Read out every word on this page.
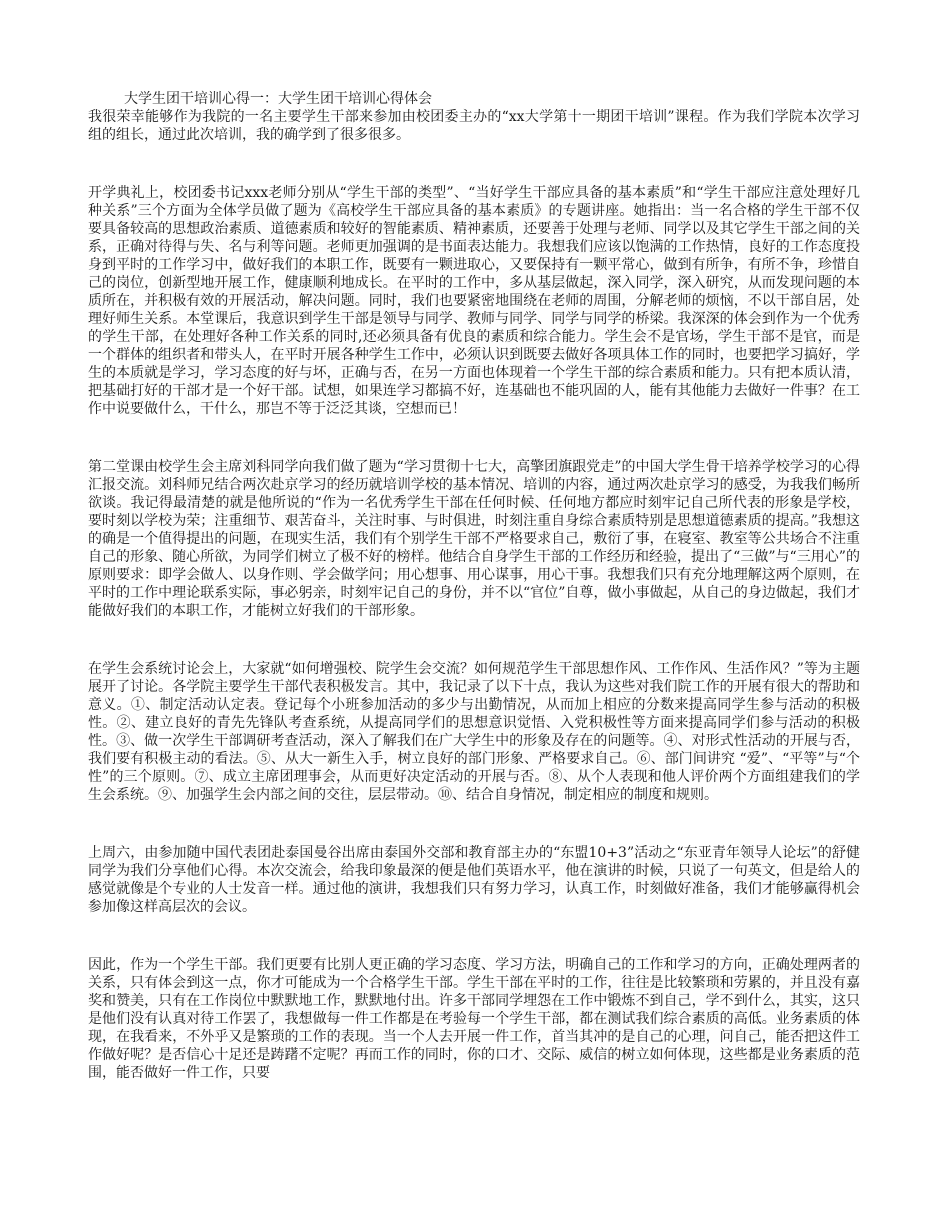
大学生团干培训心得一：大学生团干培训心得体会

我很荣幸能够作为我院的一名主要学生干部来参加由校团委主办的“xx大学第十一期团干培训”课程。作为我们学院本次学习组的组长，通过此次培训，我的确学到了很多很多。

开学典礼上，校团委书记xxx老师分别从“学生干部的类型”、“当好学生干部应具备的基本素质”和“学生干部应注意处理好几种关系”三个方面为全体学员做了题为《高校学生干部应具备的基本素质》的专题讲座。她指出：当一名合格的学生干部不仅要具备较高的思想政治素质、道德素质和较好的智能素质、精神素质，还要善于处理与老师、同学以及其它学生干部之间的关系，正确对待得与失、名与利等问题。老师更加强调的是书面表达能力。我想我们应该以饱满的工作热情，良好的工作态度投身到平时的工作学习中，做好我们的本职工作，既要有一颗进取心，又要保持有一颗平常心，做到有所争，有所不争，珍惜自己的岗位，创新型地开展工作，健康顺利地成长。在平时的工作中，多从基层做起，深入同学，深入研究，从而发现问题的本质所在，并积极有效的开展活动，解决问题。同时，我们也要紧密地围绕在老师的周围，分解老师的烦恼，不以干部自居，处理好师生关系。本堂课后，我意识到学生干部是领导与同学、教师与同学、同学与同学的桥梁。我深深的体会到作为一个优秀的学生干部，在处理好各种工作关系的同时,还必须具备有优良的素质和综合能力。学生会不是官场，学生干部不是官，而是一个群体的组织者和带头人，在平时开展各种学生工作中，必须认识到既要去做好各项具体工作的同时，也要把学习搞好，学生的本质就是学习，学习态度的好与坏，正确与否，在另一方面也体现着一个学生干部的综合素质和能力。只有把本质认清，把基础打好的干部才是一个好干部。试想，如果连学习都搞不好，连基础也不能巩固的人，能有其他能力去做好一件事？在工作中说要做什么，干什么，那岂不等于泛泛其谈，空想而已！

第二堂课由校学生会主席刘科同学向我们做了题为“学习贯彻十七大，高擎团旗跟党走”的中国大学生骨干培养学校学习的心得汇报交流。刘科师兄结合两次赴京学习的经历就培训学校的基本情况、培训的内容，通过两次赴京学习的感受，为我我们畅所欲谈。我记得最清楚的就是他所说的“作为一名优秀学生干部在任何时候、任何地方都应时刻牢记自己所代表的形象是学校，要时刻以学校为荣；注重细节、艰苦奋斗，关注时事、与时俱进，时刻注重自身综合素质特别是思想道德素质的提高。”我想这的确是一个值得提出的问题，在现实生活，我们有个别学生干部不严格要求自己，敷衍了事，在寝室、教室等公共场合不注重自己的形象、随心所欲，为同学们树立了极不好的榜样。他结合自身学生干部的工作经历和经验，提出了“三做”与“三用心”的原则要求：即学会做人、以身作则、学会做学问；用心想事、用心谋事，用心干事。我想我们只有充分地理解这两个原则，在平时的工作中理论联系实际，事必躬亲，时刻牢记自己的身份，并不以“官位”自尊，做小事做起，从自己的身边做起，我们才能做好我们的本职工作，才能树立好我们的干部形象。

在学生会系统讨论会上，大家就“如何增强校、院学生会交流？如何规范学生干部思想作风、工作作风、生活作风？”等为主题展开了讨论。各学院主要学生干部代表积极发言。其中，我记录了以下十点，我认为这些对我们院工作的开展有很大的帮助和意义。①、制定活动认定表。登记每个小班参加活动的多少与出勤情况，从而加上相应的分数来提高同学生参与活动的积极性。②、建立良好的青先先锋队考查系统，从提高同学们的思想意识觉悟、入党积极性等方面来提高同学们参与活动的积极性。③、做一次学生干部调研考查活动，深入了解我们在广大学生中的形象及存在的问题等。④、对形式性活动的开展与否，我们要有积极主动的看法。⑤、从大一新生入手，树立良好的部门形象、严格要求自己。⑥、部门间讲究 “爱”、“平等”与“个性”的三个原则。⑦、成立主席团理事会，从而更好决定活动的开展与否。⑧、从个人表现和他人评价两个方面组建我们的学生会系统。⑨、加强学生会内部之间的交往，层层带动。⑩、结合自身情况，制定相应的制度和规则。

上周六，由参加随中国代表团赴泰国曼谷出席由泰国外交部和教育部主办的“东盟10+3”活动之“东亚青年领导人论坛”的舒健同学为我们分享他们心得。本次交流会，给我印象最深的便是他们英语水平，他在演讲的时候，只说了一句英文，但是给人的感觉就像是个专业的人士发音一样。通过他的演讲，我想我们只有努力学习，认真工作，时刻做好准备，我们才能够赢得机会参加像这样高层次的会议。

因此，作为一个学生干部。我们更要有比别人更正确的学习态度、学习方法，明确自己的工作和学习的方向，正确处理两者的关系，只有体会到这一点，你才可能成为一个合格学生干部。学生干部在平时的工作，往往是比较繁琐和劳累的，并且没有嘉奖和赞美，只有在工作岗位中默默地工作，默默地付出。许多干部同学埋怨在工作中锻炼不到自己，学不到什么，其实，这只是他们没有认真对待工作罢了，我想做每一件工作都是在考验每一个学生干部，都在测试我们综合素质的高低。业务素质的体现，在我看来，不外乎又是繁琐的工作的表现。当一个人去开展一件工作，首当其冲的是自己的心理，问自己，能否把这件工作做好呢？是否信心十足还是踌躇不定呢？再而工作的同时，你的口才、交际、威信的树立如何体现，这些都是业务素质的范围，能否做好一件工作，只要
